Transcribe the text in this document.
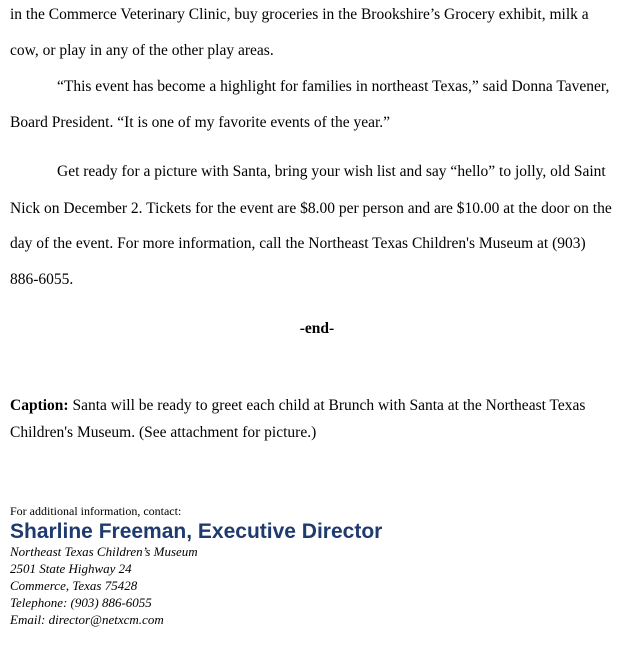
in the Commerce Veterinary Clinic, buy groceries in the Brookshire’s Grocery exhibit, milk a
cow, or play in any of the other play areas.
“This event has become a highlight for families in northeast Texas,” said Donna Tavener,
Board President. “It is one of my favorite events of the year.”
Get ready for a picture with Santa, bring your wish list and say “hello” to jolly, old Saint
Nick on December 2. Tickets for the event are $8.00 per person and are $10.00 at the door on the
day of the event. For more information, call the Northeast Texas Children's Museum at (903)
886-6055.
-end-
Caption: Santa will be ready to greet each child at Brunch with Santa at the Northeast Texas
Children's Museum. (See attachment for picture.)
For additional information, contact:
Sharline Freeman, Executive Director
Northeast Texas Children’s Museum
2501 State Highway 24
Commerce, Texas 75428
Telephone: (903) 886-6055
Email: director@netxcm.com
